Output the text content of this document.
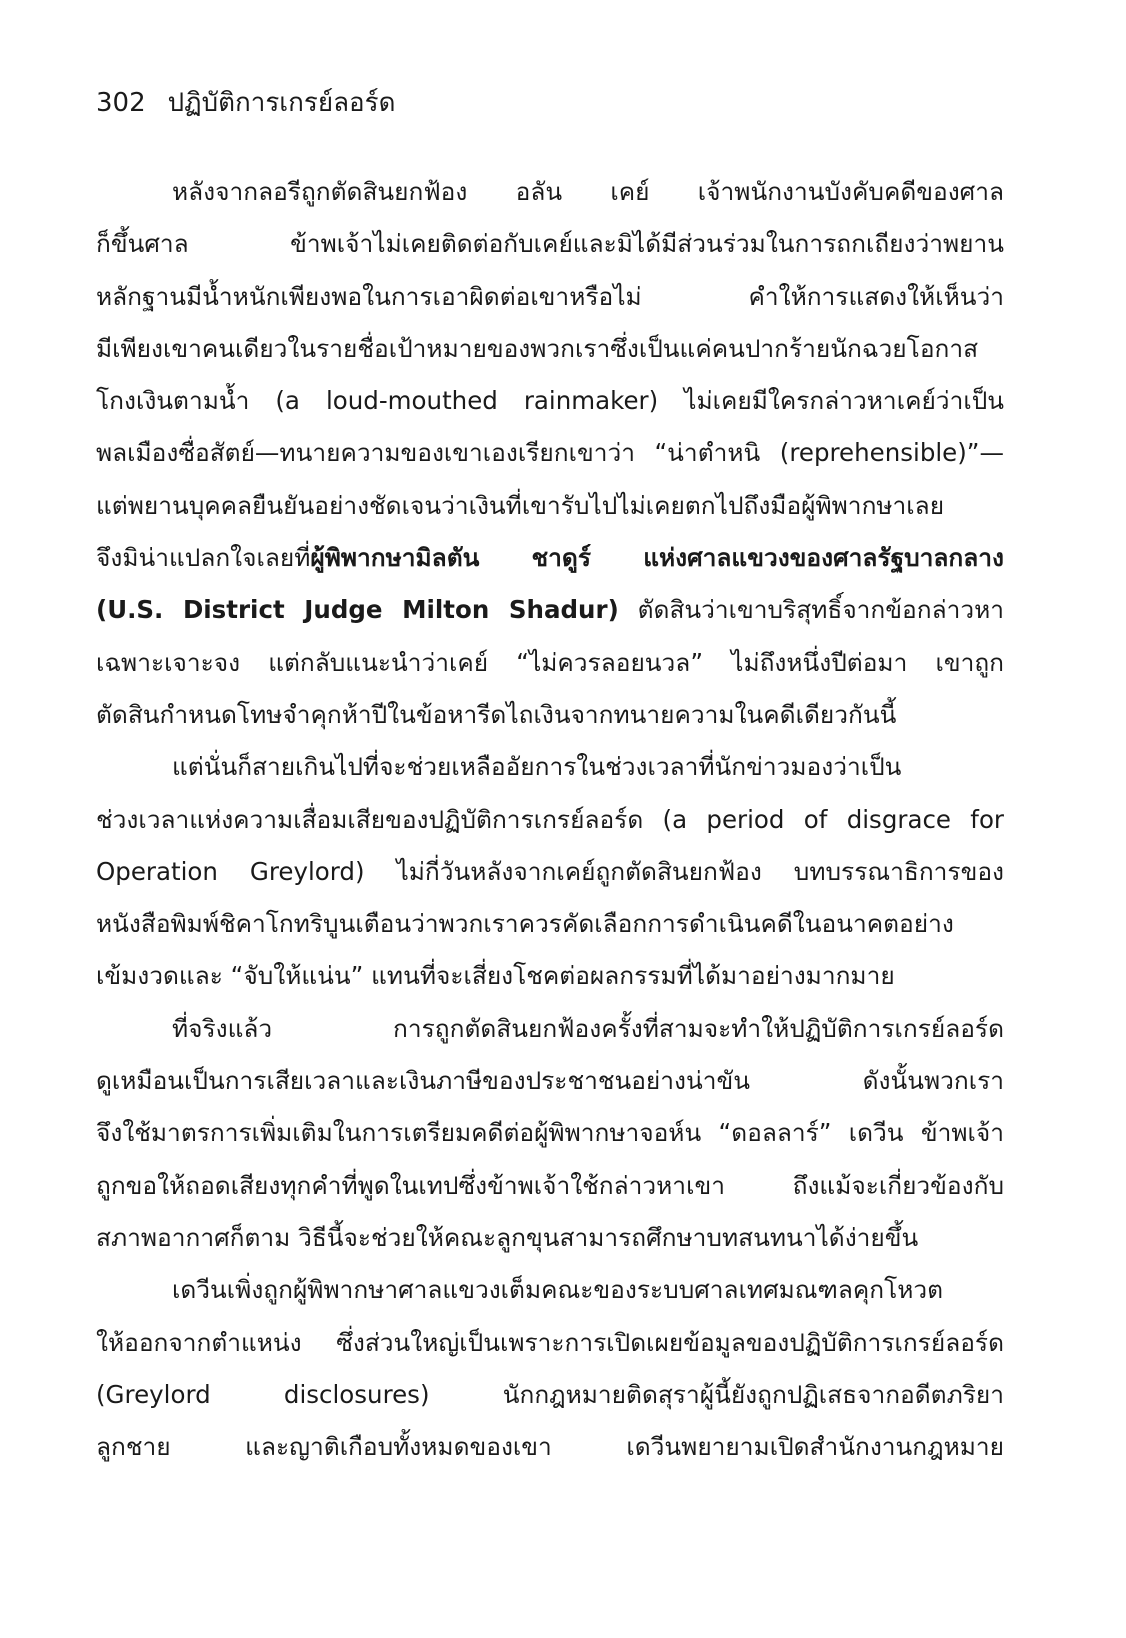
302 ปฏิบัติการเกรย์ลอร์ด
หลังจากลอรีถูกตัดสินยกฟ้อง อลัน เคย์ เจ้าพนักงานบังคับคดีของศาล
ก็ขึ้นศาล ข้าพเจ้าไม่เคยติดต่อกับเคย์และมิได้มีส่วนร่วมในการถกเถียงว่าพยาน
หลักฐานมีน้ำหนักเพียงพอในการเอาผิดต่อเขาหรือไม่ คำให้การแสดงให้เห็นว่า
มีเพียงเขาคนเดียวในรายชื่อเป้าหมายของพวกเราซึ่งเป็นแค่คนปากร้ายนักฉวยโอกาส
โกงเงินตามน้ำ (a loud-mouthed rainmaker) ไม่เคยมีใครกล่าวหาเคย์ว่าเป็น
พลเมืองซื่อสัตย์—ทนายความของเขาเองเรียกเขาว่า “น่าตำหนิ (reprehensible)”—
แต่พยานบุคคลยืนยันอย่างชัดเจนว่าเงินที่เขารับไปไม่เคยตกไปถึงมือผู้พิพากษาเลย
จึงมิน่าแปลกใจเลยที่ผู้พิพากษามิลตัน ชาดูร์ แห่งศาลแขวงของศาลรัฐบาลกลาง
(U.S. District Judge Milton Shadur) ตัดสินว่าเขาบริสุทธิ์จากข้อกล่าวหา
เฉพาะเจาะจง แต่กลับแนะนำว่าเคย์ “ไม่ควรลอยนวล” ไม่ถึงหนึ่งปีต่อมา เขาถูก
ตัดสินกำหนดโทษจำคุกห้าปีในข้อหารีดไถเงินจากทนายความในคดีเดียวกันนี้
แต่นั่นก็สายเกินไปที่จะช่วยเหลืออัยการในช่วงเวลาที่นักข่าวมองว่าเป็น
ช่วงเวลาแห่งความเสื่อมเสียของปฏิบัติการเกรย์ลอร์ด (a period of disgrace for
Operation Greylord) ไม่กี่วันหลังจากเคย์ถูกตัดสินยกฟ้อง บทบรรณาธิการของ
หนังสือพิมพ์ชิคาโกทริบูนเตือนว่าพวกเราควรคัดเลือกการดำเนินคดีในอนาคตอย่าง
เข้มงวดและ “จับให้แน่น” แทนที่จะเสี่ยงโชคต่อผลกรรมที่ได้มาอย่างมากมาย
ที่จริงแล้ว การถูกตัดสินยกฟ้องครั้งที่สามจะทำให้ปฏิบัติการเกรย์ลอร์ด
ดูเหมือนเป็นการเสียเวลาและเงินภาษีของประชาชนอย่างน่าขัน ดังนั้นพวกเรา
จึงใช้มาตรการเพิ่มเติมในการเตรียมคดีต่อผู้พิพากษาจอห์น “ดอลลาร์” เดวีน ข้าพเจ้า
ถูกขอให้ถอดเสียงทุกคำที่พูดในเทปซึ่งข้าพเจ้าใช้กล่าวหาเขา ถึงแม้จะเกี่ยวข้องกับ
สภาพอากาศก็ตาม วิธีนี้จะช่วยให้คณะลูกขุนสามารถศึกษาบทสนทนาได้ง่ายขึ้น
เดวีนเพิ่งถูกผู้พิพากษาศาลแขวงเต็มคณะของระบบศาลเทศมณฑลคุกโหวต
ให้ออกจากตำแหน่ง ซึ่งส่วนใหญ่เป็นเพราะการเปิดเผยข้อมูลของปฏิบัติการเกรย์ลอร์ด
(Greylord disclosures) นักกฎหมายติดสุราผู้นี้ยังถูกปฏิเสธจากอดีตภริยา
ลูกชาย และญาติเกือบทั้งหมดของเขา เดวีนพยายามเปิดสำนักงานกฎหมาย
